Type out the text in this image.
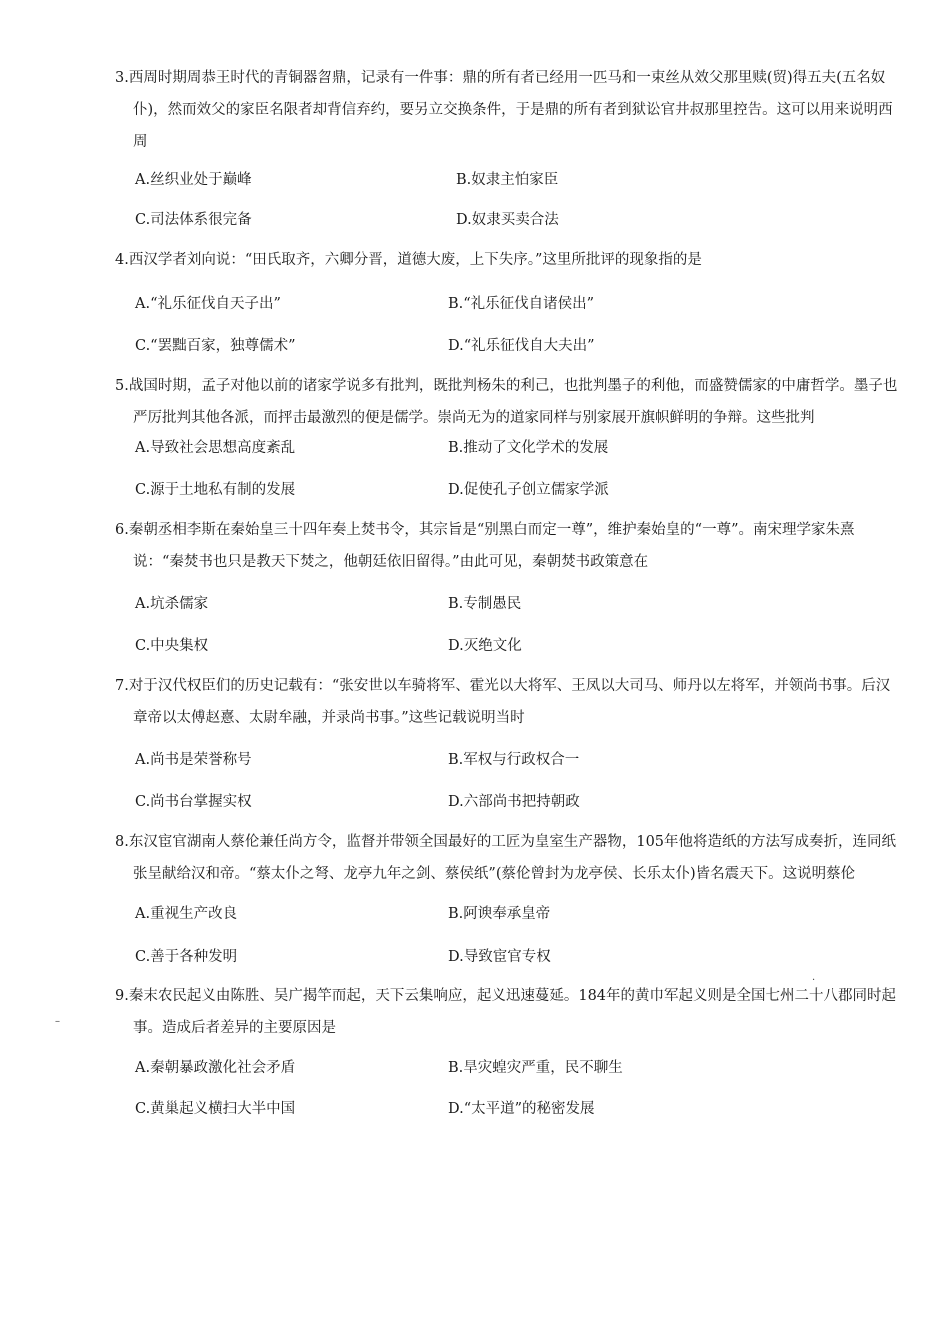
3.西周时期周恭王时代的青铜器曶鼎，记录有一件事：鼎的所有者已经用一匹马和一束丝从效父那里赎(贸)得五夫(五名奴仆)，然而效父的家臣名限者却背信弃约，要另立交换条件，于是鼎的所有者到狱讼官井叔那里控告。这可以用来说明西周

A.丝织业处于巅峰	B.奴隶主怕家臣
C.司法体系很完备	D.奴隶买卖合法

4.西汉学者刘向说：“田氏取齐，六卿分晋，道德大废，上下失序。”这里所批评的现象指的是

A.“礼乐征伐自天子出”	B.“礼乐征伐自诸侯出”
C.“罢黜百家，独尊儒术”	D.“礼乐征伐自大夫出”

5.战国时期，孟子对他以前的诸家学说多有批判，既批判杨朱的利己，也批判墨子的利他，而盛赞儒家的中庸哲学。墨子也严厉批判其他各派，而抨击最激烈的便是儒学。崇尚无为的道家同样与别家展开旗帜鲜明的争辩。这些批判

A.导致社会思想高度紊乱	B.推动了文化学术的发展
C.源于土地私有制的发展	D.促使孔子创立儒家学派

6.秦朝丞相李斯在秦始皇三十四年奏上焚书令，其宗旨是“别黑白而定一尊”，维护秦始皇的“一尊”。南宋理学家朱熹说：“秦焚书也只是教天下焚之，他朝廷依旧留得。”由此可见，秦朝焚书政策意在

A.坑杀儒家	B.专制愚民
C.中央集权	D.灭绝文化

7.对于汉代权臣们的历史记载有：“张安世以车骑将军、霍光以大将军、王凤以大司马、师丹以左将军，并领尚书事。后汉章帝以太傅赵憙、太尉牟融，并录尚书事。”这些记载说明当时

A.尚书是荣誉称号	B.军权与行政权合一
C.尚书台掌握实权	D.六部尚书把持朝政

8.东汉宦官湖南人蔡伦兼任尚方令，监督并带领全国最好的工匠为皇室生产器物，105年他将造纸的方法写成奏折，连同纸张呈献给汉和帝。“蔡太仆之弩、龙亭九年之剑、蔡侯纸”(蔡伦曾封为龙亭侯、长乐太仆)皆名震天下。这说明蔡伦

A.重视生产改良	B.阿谀奉承皇帝
C.善于各种发明	D.导致宦官专权

9.秦末农民起义由陈胜、吴广揭竿而起，天下云集响应，起义迅速蔓延。184年的黄巾军起义则是全国七州二十八郡同时起事。造成后者差异的主要原因是

A.秦朝暴政激化社会矛盾	B.旱灾蝗灾严重，民不聊生
C.黄巢起义横扫大半中国	D.“太平道”的秘密发展
–
·
